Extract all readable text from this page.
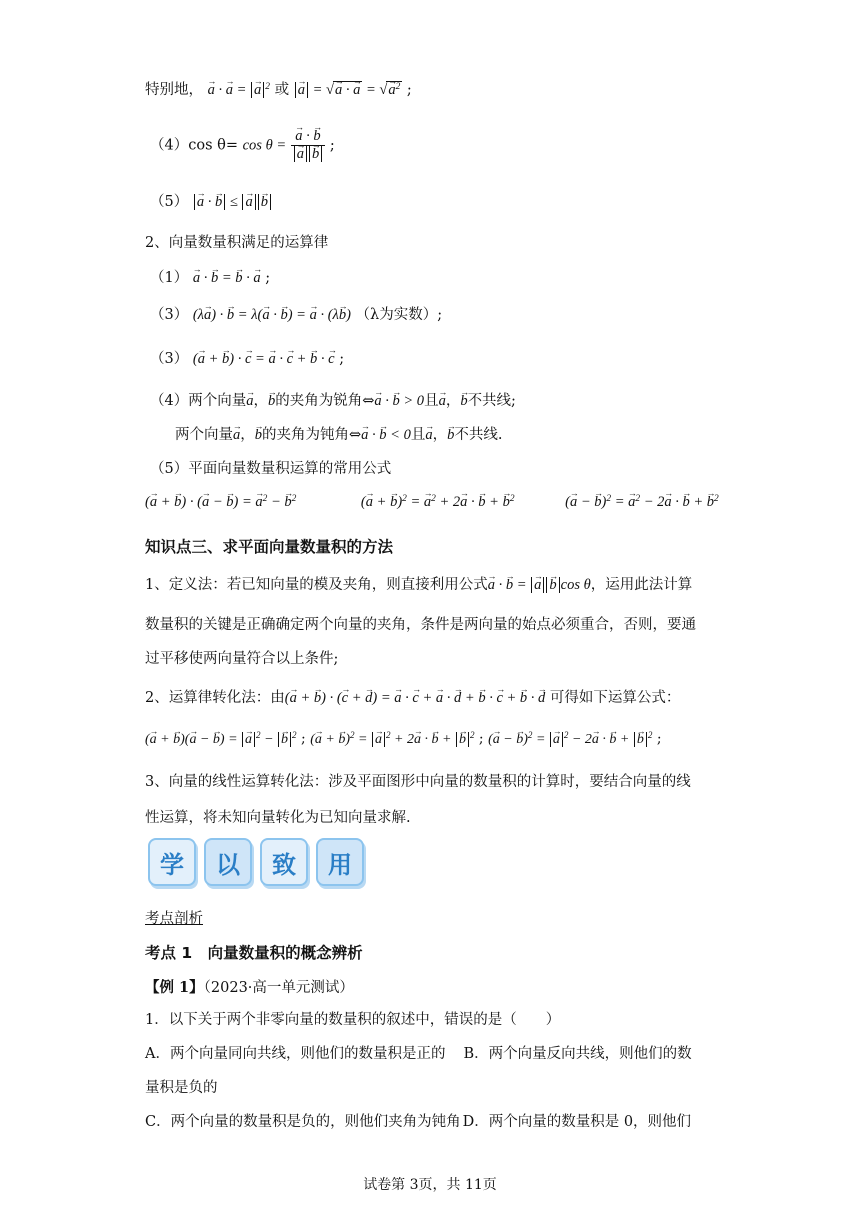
特别地， → a · → a = → a $^2$ 或 → a = √→ a · → a = √→ $a^2$ ;
（4）cos θ= cos θ = → a · → b
→ a → b ;
（5） → a · → b ≤ → a → b
2、向量数量积满足的运算律
（1） → a · → b = → b · → a ;
（3） (λ→ a) · → b = λ(→ a · → b) = → a · (λ→ b) （λ为实数）;
（3） (→ a + → b) · → c = → a · → c + → b · → c ;
（4）两个向量→ a，→ b的夹角为锐角⇔→ a · → b > 0且→ a，→ b不共线;
两个向量→ a，→ b的夹角为钝角⇔→ a · → b < 0且→ a，→ b不共线.
（5）平面向量数量积运算的常用公式
(→ a + → b) · (→ a − → b) = → $a^2$ − → $b^2$	(→ a + → b)$^2$ = → $a^2 + 2\to a$ · → b + → $b^2$	(→ a − → b)$^2$ = → $a^2 - 2\to a$ · → b + → $b^2$
知识点三、求平面向量数量积的方法
1、定义法：若已知向量的模及夹角，则直接利用公式→ a · → b = → a → b cos θ，运用此法计算
数量积的关键是正确确定两个向量的夹角，条件是两向量的始点必须重合，否则，要通
过平移使两向量符合以上条件;
2、运算律转化法：由(→ a + → b) · (→ c + → d) = → a · → c + → a · → d + → b · → c + → b · → d 可得如下运算公式：
(→ a + → b)(→ a − → b) = → a $^2$ − → b $^2$ ; (→ a + → b)$^2$ = → a $^2$ + 2→ a · → b + → b $^2$ ; (→ a − → b)$^2$ = → a $^2$ − 2→ a · → b + → b $^2$ ;
3、向量的线性运算转化法：涉及平面图形中向量的数量积的计算时，要结合向量的线
性运算，将未知向量转化为已知向量求解.
学	以	致	用
考点剖析
考点 1　向量数量积的概念辨析
【例 1】（2023·高一单元测试）
1．以下关于两个非零向量的数量积的叙述中，错误的是（　　）
A．两个向量同向共线，则他们的数量积是正的 B．两个向量反向共线，则他们的数
量积是负的
C．两个向量的数量积是负的，则他们夹角为钝角 D．两个向量的数量积是 0，则他们
试卷第 3页，共 11页
